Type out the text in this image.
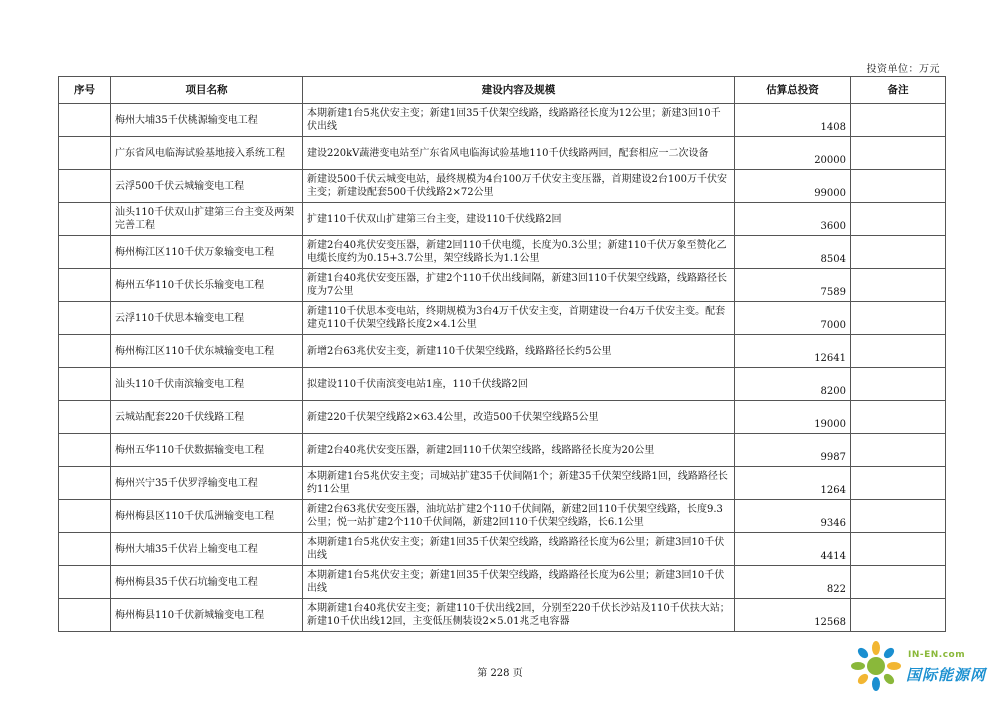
投资单位：万元
序号	项目名称	建设内容及规模	估算总投资	备注
	梅州大埔35千伏桃源输变电工程	本期新建1台5兆伏安主变；新建1回35千伏架空线路，线路路径长度为12公里；新建3回10千伏出线	1408	
	广东省风电临海试验基地接入系统工程	建设220kV蔬港变电站至广东省风电临海试验基地110千伏线路两回，配套相应一二次设备	20000	
	云浮500千伏云城输变电工程	新建设500千伏云城变电站，最终规模为4台100万千伏安主变压器，首期建设2台100万千伏安主变；新建设配套500千伏线路2×72公里	99000	
	汕头110千伏双山扩建第三台主变及两架完善工程	扩建110千伏双山扩建第三台主变，建设110千伏线路2回	3600	
	梅州梅江区110千伏万象输变电工程	新建2台40兆伏安变压器，新建2回110千伏电缆，长度为0.3公里；新建110千伏万象至赞化乙电缆长度约为0.15+3.7公里，架空线路长为1.1公里	8504	
	梅州五华110千伏长乐输变电工程	新建1台40兆伏安变压器，扩建2个110千伏出线间隔，新建3回110千伏架空线路，线路路径长度为7公里	7589	
	云浮110千伏思本输变电工程	新建110千伏思本变电站，终期规模为3台4万千伏安主变，首期建设一台4万千伏安主变。配套建克110千伏架空线路长度2×4.1公里	7000	
	梅州梅江区110千伏东城输变电工程	新增2台63兆伏安主变，新建110千伏架空线路，线路路径长约5公里	12641	
	汕头110千伏南滨输变电工程	拟建设110千伏南滨变电站1座，110千伏线路2回	8200	
	云城站配套220千伏线路工程	新建220千伏架空线路2×63.4公里，改造500千伏架空线路5公里	19000	
	梅州五华110千伏数据输变电工程	新建2台40兆伏安变压器，新建2回110千伏架空线路，线路路径长度为20公里	9987	
	梅州兴宁35千伏罗浮输变电工程	本期新建1台5兆伏安主变；司城站扩建35千伏间隔1个；新建35千伏架空线路1回，线路路径长约11公里	1264	
	梅州梅县区110千伏瓜洲输变电工程	新建2台63兆伏安变压器，油坑站扩建2个110千伏间隔，新建2回110千伏架空线路，长度9.3公里；悦一站扩建2个110千伏间隔，新建2回110千伏架空线路，长6.1公里	9346	
	梅州大埔35千伏岩上输变电工程	本期新建1台5兆伏安主变；新建1回35千伏架空线路，线路路径长度为6公里；新建3回10千伏出线	4414	
	梅州梅县35千伏石坑输变电工程	本期新建1台5兆伏安主变；新建1回35千伏架空线路，线路路径长度为6公里；新建3回10千伏出线	822	
	梅州梅县110千伏新城输变电工程	本期新建1台40兆伏安主变；新建110千伏出线2回，分别至220千伏长沙站及110千伏扶大站；新建10千伏出线12回，主变低压侧装设2×5.01兆乏电容器	12568	
第 228 页
IN-EN.com
国际能源网
